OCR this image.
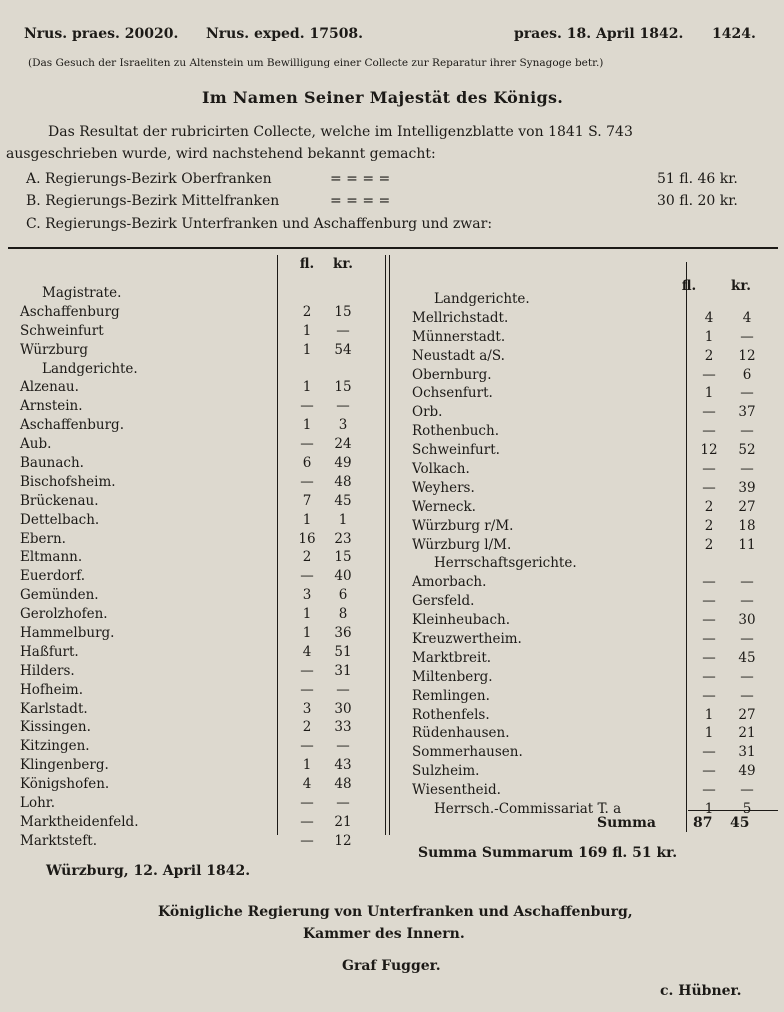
Nrus. praes. 20020. Nrus. exped. 17508.	praes. 18. April 1842. 1424.
(Das Gesuch der Israeliten zu Altenstein um Bewilligung einer Collecte zur Reparatur ihrer Synagoge betr.)
Im Namen Seiner Majestät des Königs.
Das Resultat der rubricirten Collecte, welche im Intelligenzblatte von 1841 S. 743
ausgeschrieben wurde, wird nachstehend bekannt gemacht:
A. Regierungs-Bezirk Oberfranken	= = = =	51 fl. 46 kr.
B. Regierungs-Bezirk Mittelfranken	= = = =	30 fl. 20 kr.
C. Regierungs-Bezirk Unterfranken und Aschaffenburg und zwar:
fl.	kr.
Magistrate.
Aschaffenburg	2	15
Schweinfurt	1	—
Würzburg	1	54
Landgerichte.
Alzenau.	1	15
Arnstein.	—	—
Aschaffenburg.	1	3
Aub.	—	24
Baunach.	6	49
Bischofsheim.	—	48
Brückenau.	7	45
Dettelbach.	1	1
Ebern.	16	23
Eltmann.	2	15
Euerdorf.	—	40
Gemünden.	3	6
Gerolzhofen.	1	8
Hammelburg.	1	36
Haßfurt.	4	51
Hilders.	—	31
Hofheim.	—	—
Karlstadt.	3	30
Kissingen.	2	33
Kitzingen.	—	—
Klingenberg.	1	43
Königshofen.	4	48
Lohr.	—	—
Marktheidenfeld.	—	21
Marktsteft.	—	12
fl.	kr.
Landgerichte.
Mellrichstadt.	4	4
Münnerstadt.	1	—
Neustadt a/S.	2	12
Obernburg.	—	6
Ochsenfurt.	1	—
Orb.	—	37
Rothenbuch.	—	—
Schweinfurt.	12	52
Volkach.	—	—
Weyhers.	—	39
Werneck.	2	27
Würzburg r/M.	2	18
Würzburg l/M.	2	11
Herrschaftsgerichte.
Amorbach.	—	—
Gersfeld.	—	—
Kleinheubach.	—	30
Kreuzwertheim.	—	—
Marktbreit.	—	45
Miltenberg.	—	—
Remlingen.	—	—
Rothenfels.	1	27
Rüdenhausen.	1	21
Sommerhausen.	—	31
Sulzheim.	—	49
Wiesentheid.	—	—
Herrsch.-Commissariat T. a	1	5
Summa	87 45
Summa Summarum 169 fl. 51 kr.
Würzburg, 12. April 1842.
Königliche Regierung von Unterfranken und Aschaffenburg,
Kammer des Innern.
Graf Fugger.
c. Hübner.
